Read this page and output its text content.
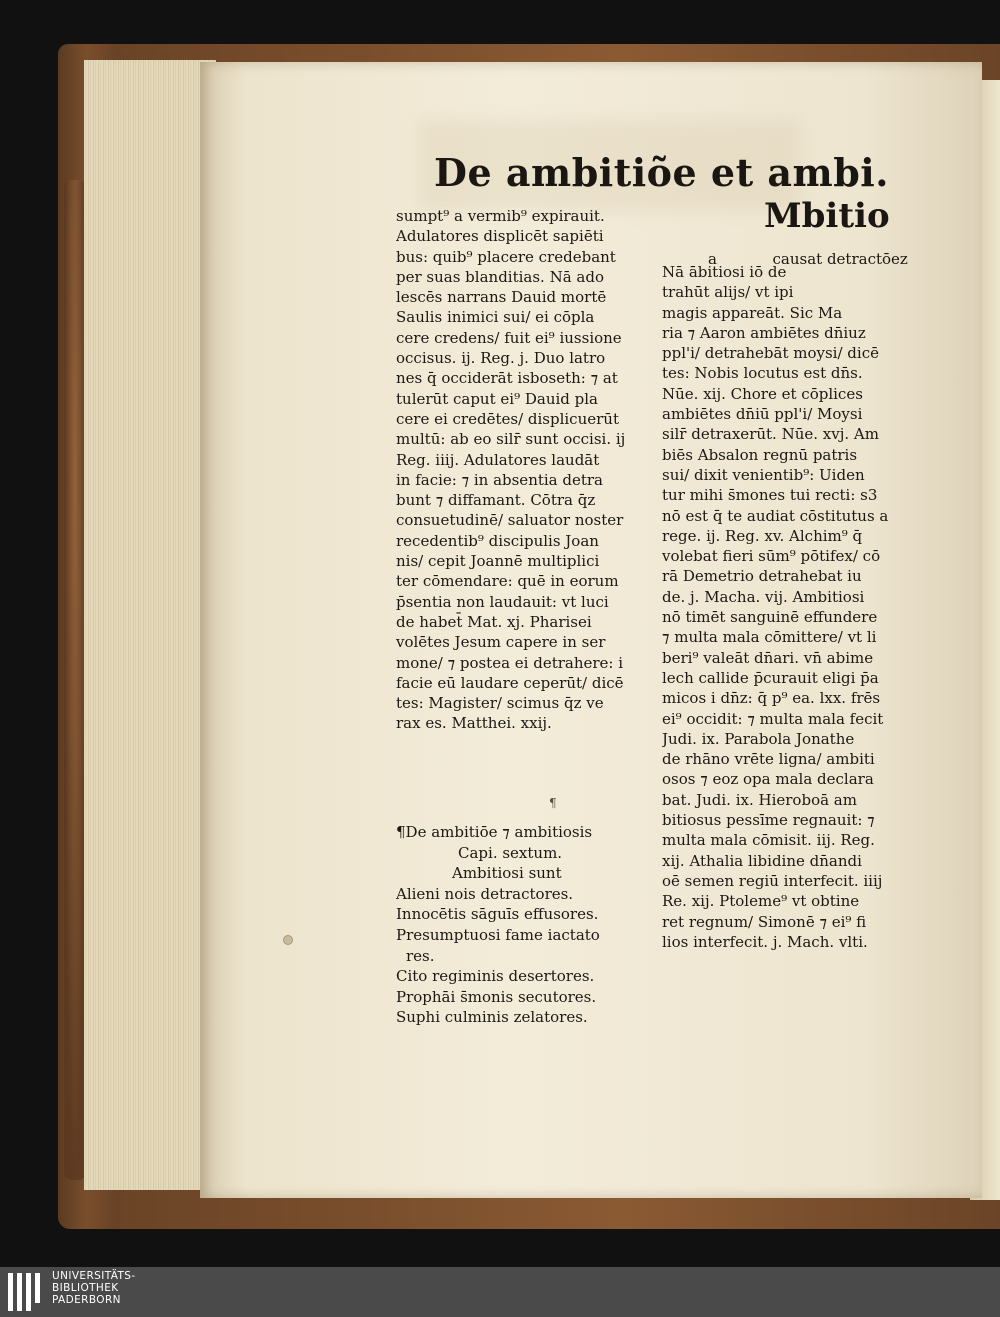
De ambitiõe et ambi.
sumpt⁹ a vermib⁹ expirauit.
Adulatores displicēt sapiēti
bus: quib⁹ placere credebant
per suas blanditias. Nā ado
lescēs narrans Dauid mortē
Saulis inimici sui/ ei cōpla
cere credens/ fuit ei⁹ iussione
occisus. ij. Reg. j. Duo latro
nes q̄ occiderāt isboseth: ⁊ at
tulerūt caput ei⁹ Dauid pla
cere ei credētes/ displicuerūt
multū: ab eo silr̄ sunt occisi. ij
Reg. iiij. Adulatores laudāt
in facie: ⁊ in absentia detra
bunt ⁊ diffamant. Cōtra q̄z
consuetudinē/ saluator noster
recedentib⁹ discipulis Joan
nis/ cepit Joannē multiplici
ter cōmendare: quē in eorum
p̄sentia non laudauit: vt luci
de habet̄ Mat. xj. Pharisei
volētes Jesum capere in ser
mone/ ⁊ postea ei detrahere: i
facie eū laudare ceperūt/ dicē
tes: Magister/ scimus q̄z ve
rax es. Matthei. xxij.
¶
¶De ambitiōe ⁊ ambitiosis
Capi. sextum.
Ambitiosi sunt
Alieni nois detractores.
Innocētis sāguīs effusores.
Presumptuosi fame iactato
res.
Cito regiminis desertores.
Prophāi s̄monis secutores.
Suphi culminis zelatores.
Mbitio
a	causat detractōez
Nā ābitiosi iō de
trahūt alijs/ vt ipi
magis appareāt. Sic Ma
ria ⁊ Aaron ambiētes dn̄iuz
ppl'i/ detrahebāt moysi/ dicē
tes: Nobis locutus est dn̄s.
Nūe. xij. Chore et cōplices
ambiētes dn̄iū ppl'i/ Moysi
silr̄ detraxerūt. Nūe. xvj. Am
biēs Absalon regnū patris
sui/ dixit venientib⁹: Uiden
tur mihi s̄mones tui recti: s3
nō est q̄ te audiat cōstitutus a
rege. ij. Reg. xv. Alchim⁹ q̄
volebat fieri sūm⁹ pōtifex/ cō
rā Demetrio detrahebat iu
de. j. Macha. vij. Ambitiosi
nō timēt sanguinē effundere
⁊ multa mala cōmittere/ vt li
beri⁹ valeāt dn̄ari. vn̄ abime
lech callide p̄curauit eligi p̄a
micos i dn̄z: q̄ p⁹ ea. lxx. frēs
ei⁹ occidit: ⁊ multa mala fecit
Judi. ix. Parabola Jonathe
de rhāno vrēte ligna/ ambiti
osos ⁊ eoz opa mala declara
bat. Judi. ix. Hieroboā am
bitiosus pessīme regnauit: ⁊
multa mala cōmisit. iij. Reg.
xij. Athalia libidine dn̄andi
oē semen regiū interfecit. iiij
Re. xij. Ptoleme⁹ vt obtine
ret regnum/ Simonē ⁊ ei⁹ fi
lios interfecit. j. Mach. vlti.
UNIVERSITÄTS-
BIBLIOTHEK
PADERBORN
